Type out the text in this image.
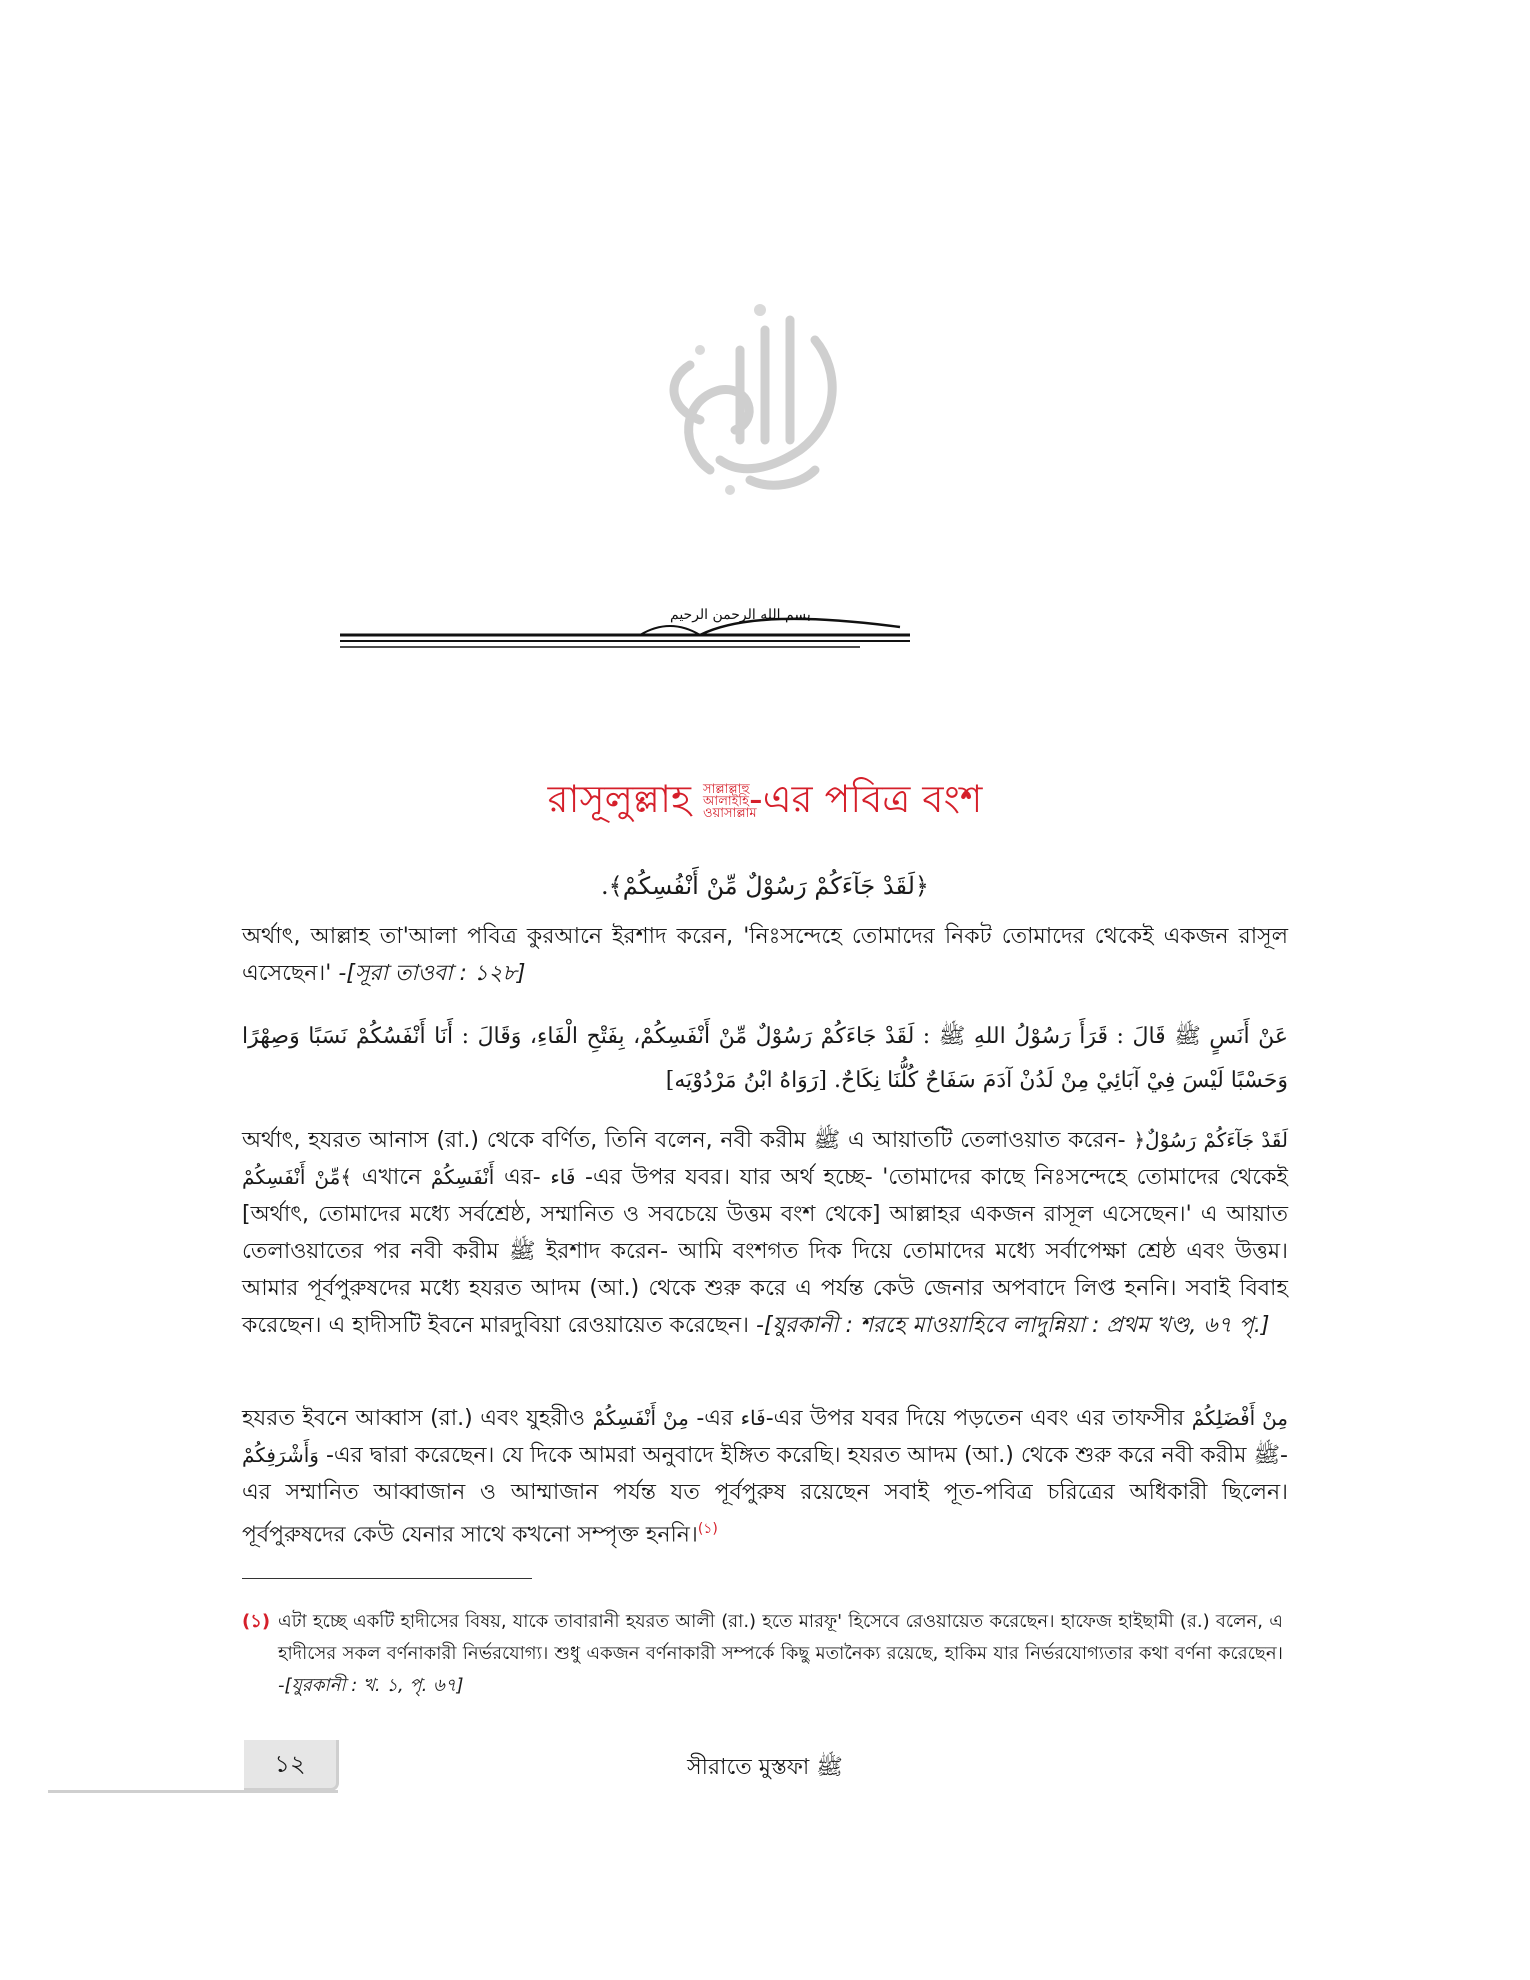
بسم الله الرحمن الرحيم
রাসূলুল্লাহ সাল্লাল্লাহু
আলাইহি
ওয়াসাল্লাম-এর পবিত্র বংশ
﴿لَقَدْ جَآءَكُمْ رَسُوْلٌ مِّنْ أَنْفُسِكُمْ﴾.
অর্থাৎ, আল্লাহ তা'আলা পবিত্র কুরআনে ইরশাদ করেন, 'নিঃসন্দেহে তোমাদের নিকট তোমাদের থেকেই একজন রাসূল এসেছেন।' -[সূরা তাওবা : ১২৮]
عَنْ أَنَسٍ ﷺ قَالَ : قَرَأَ رَسُوْلُ اللهِ ﷺ : لَقَدْ جَاءَكُمْ رَسُوْلٌ مِّنْ أَنْفَسِكُمْ، بِفَتْحِ الْفَاءِ، وَقَالَ : أَنَا أَنْفَسُكُمْ نَسَبًا وَصِهْرًا وَحَسْبًا لَيْسَ فِيْ آبَائِيْ مِنْ لَدُنْ آدَمَ سَفَاحٌ كُلُّنَا نِكَاحٌ. [رَوَاهُ ابْنُ مَرْدُوْيَه]
অর্থাৎ, হযরত আনাস (রা.) থেকে বর্ণিত, তিনি বলেন, নবী করীম ﷺ এ আয়াতটি তেলাওয়াত করেন- ﴿لَقَدْ جَآءَكُمْ رَسُوْلٌ مِّنْ أَنْفَسِكُمْ﴾ এখানে أَنْفَسِكُمْ এর- فَاء -এর উপর যবর। যার অর্থ হচ্ছে- 'তোমাদের কাছে নিঃসন্দেহে তোমাদের থেকেই [অর্থাৎ, তোমাদের মধ্যে সর্বশ্রেষ্ঠ, সম্মানিত ও সবচেয়ে উত্তম বংশ থেকে] আল্লাহর একজন রাসূল এসেছেন।' এ আয়াত তেলাওয়াতের পর নবী করীম ﷺ ইরশাদ করেন- আমি বংশগত দিক দিয়ে তোমাদের মধ্যে সর্বাপেক্ষা শ্রেষ্ঠ এবং উত্তম। আমার পূর্বপুরুষদের মধ্যে হযরত আদম (আ.) থেকে শুরু করে এ পর্যন্ত কেউ জেনার অপবাদে লিপ্ত হননি। সবাই বিবাহ করেছেন। এ হাদীসটি ইবনে মারদুবিয়া রেওয়ায়েত করেছেন। -[যুরকানী : শরহে মাওয়াহিবে লাদুন্নিয়া : প্রথম খণ্ড, ৬৭ পৃ.]
হযরত ইবনে আব্বাস (রা.) এবং যুহরীও مِنْ أَنْفَسِكُمْ -এর فَاء-এর উপর যবর দিয়ে পড়তেন এবং এর তাফসীর مِنْ أَفْضَلِكُمْ وَأَشْرَفِكُمْ -এর দ্বারা করেছেন। যে দিকে আমরা অনুবাদে ইঙ্গিত করেছি। হযরত আদম (আ.) থেকে শুরু করে নবী করীম ﷺ-এর সম্মানিত আব্বাজান ও আম্মাজান পর্যন্ত যত পূর্বপুরুষ রয়েছেন সবাই পূত-পবিত্র চরিত্রের অধিকারী ছিলেন। পূর্বপুরুষদের কেউ যেনার সাথে কখনো সম্পৃক্ত হননি।$^{(১)}$
(১) এটা হচ্ছে একটি হাদীসের বিষয়, যাকে তাবারানী হযরত আলী (রা.) হতে মারফূ' হিসেবে রেওয়ায়েত করেছেন। হাফেজ হাইছামী (র.) বলেন, এ হাদীসের সকল বর্ণনাকারী নির্ভরযোগ্য। শুধু একজন বর্ণনাকারী সম্পর্কে কিছু মতানৈক্য রয়েছে, হাকিম যার নির্ভরযোগ্যতার কথা বর্ণনা করেছেন। -[যুরকানী : খ. ১, পৃ. ৬৭]
১২	সীরাতে মুস্তফা ﷺ
